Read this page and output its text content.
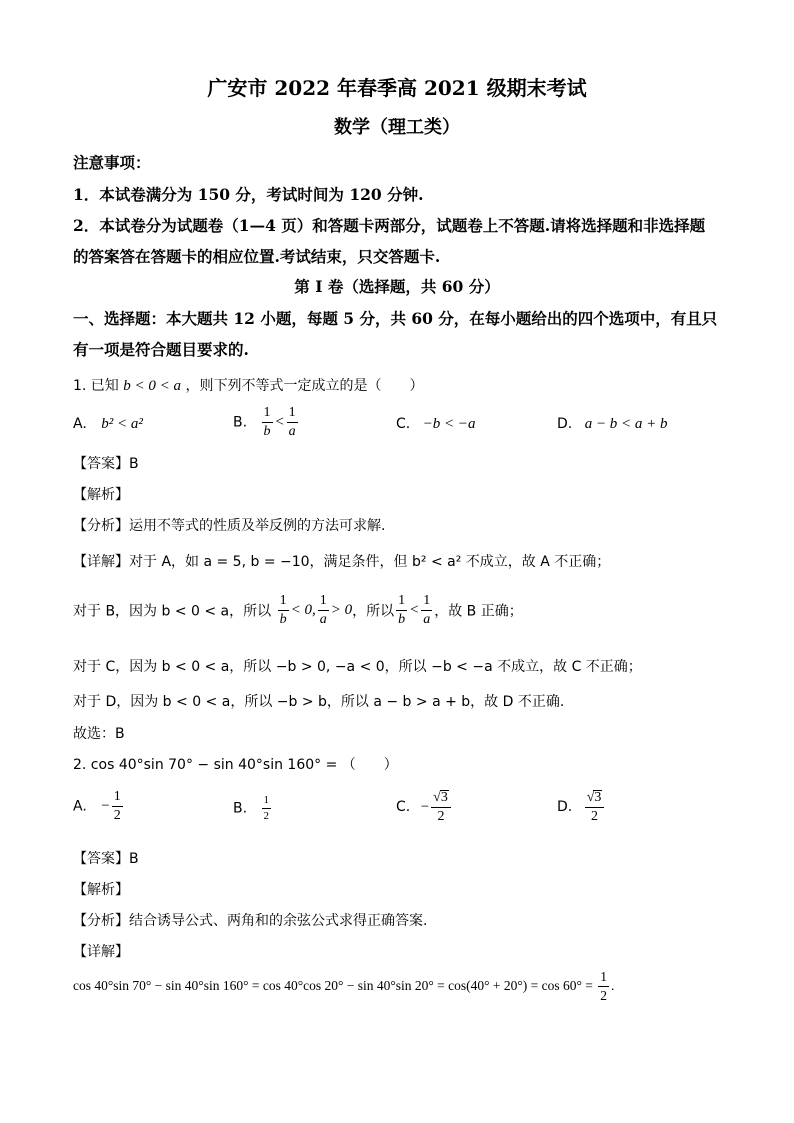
广安市 2022 年春季高 2021 级期末考试
数学（理工类）
注意事项：
1．本试卷满分为 150 分，考试时间为 120 分钟.
2．本试卷分为试题卷（1—4 页）和答题卡两部分，试题卷上不答题.请将选择题和非选择题
的答案答在答题卡的相应位置.考试结束，只交答题卡.
第 I 卷（选择题，共 60 分）
一、选择题：本大题共 12 小题，每题 5 分，共 60 分，在每小题给出的四个选项中，有且只
有一项是符合题目要求的.
1. 已知 b < 0 < a ，则下列不等式一定成立的是（　　）
A. b² < a²	B. $\frac{1}{b} < \frac{1}{a}$	C. −b < −a	D. a − b < a + b
【答案】B
【解析】
【分析】运用不等式的性质及举反例的方法可求解.
【详解】对于 A，如 a = 5, b = −10，满足条件，但 b² < a² 不成立，故 A 不正确；
对于 B，因为 b < 0 < a，所以 $\frac{1}{b} < 0$, $\frac{1}{a} > 0$，所以 $\frac{1}{b} < \frac{1}{a}$ ，故 B 正确；
对于 C，因为 b < 0 < a，所以 −b > 0, −a < 0，所以 −b < −a 不成立，故 C 不正确；
对于 D，因为 b < 0 < a，所以 −b > b，所以 a − b > a + b，故 D 不正确.
故选：B
2. cos 40°sin 70° − sin 40°sin 160° = （　　）
A. − $\frac{1}{2}$	B. $\frac{1}{2}$	C. − $\frac{√3}{2}$	D. $\frac{√3}{2}$
【答案】B
【解析】
【分析】结合诱导公式、两角和的余弦公式求得正确答案.
【详解】
cos 40°sin 70° − sin 40°sin 160° = cos 40°cos 20° − sin 40°sin $20^\circ = \cos(40^\circ + 20^\circ) = \cos 60^\circ = \frac{1}{2}$ .
